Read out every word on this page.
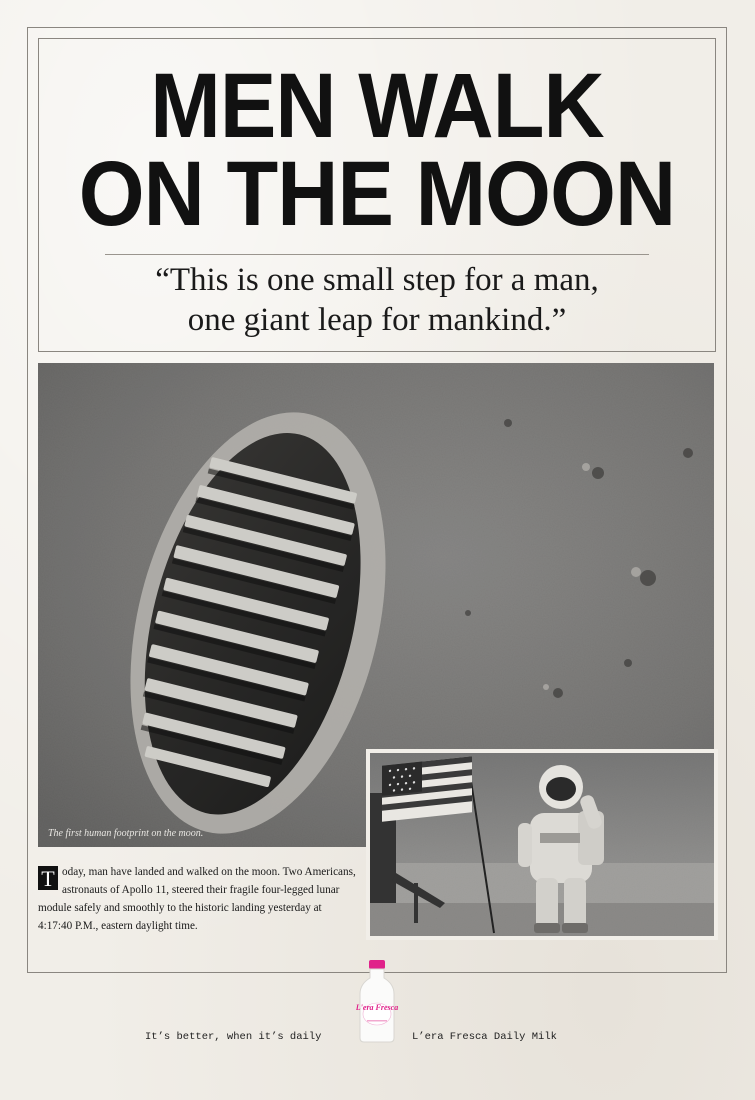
MEN WALK
ON THE MOON
“This is one small step for a man,
one giant leap for mankind.”
The first human footprint on the moon.
T oday, man have landed and walked on the moon. Two Americans, astronauts of Apollo 11, steered their fragile four-legged lunar module safely and smoothly to the historic landing yesterday at 4:17:40 P.M., eastern daylight time.
L'era Fresca
It’s better, when it’s daily	L’era Fresca Daily Milk
